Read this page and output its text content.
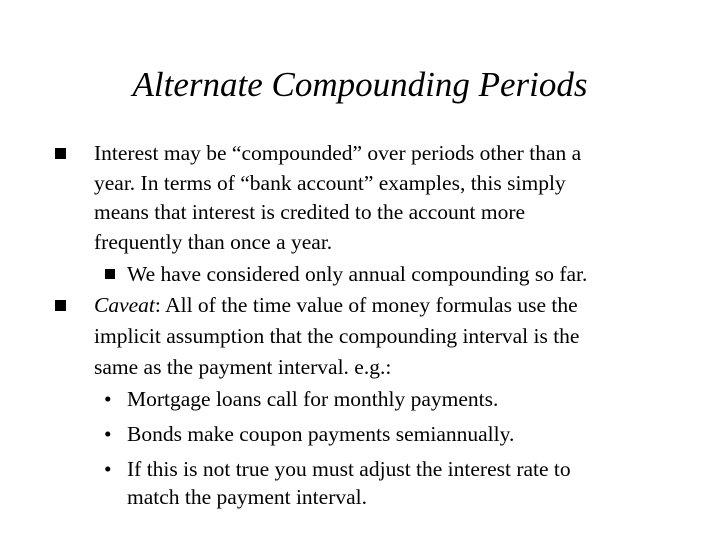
Alternate Compounding Periods
Interest may be “compounded” over periods other than a
year. In terms of “bank account” examples, this simply
means that interest is credited to the account more
frequently than once a year.
We have considered only annual compounding so far.
Caveat: All of the time value of money formulas use the
implicit assumption that the compounding interval is the
same as the payment interval. e.g.:
• Mortgage loans call for monthly payments.
• Bonds make coupon payments semiannually.
• If this is not true you must adjust the interest rate to
match the payment interval.
